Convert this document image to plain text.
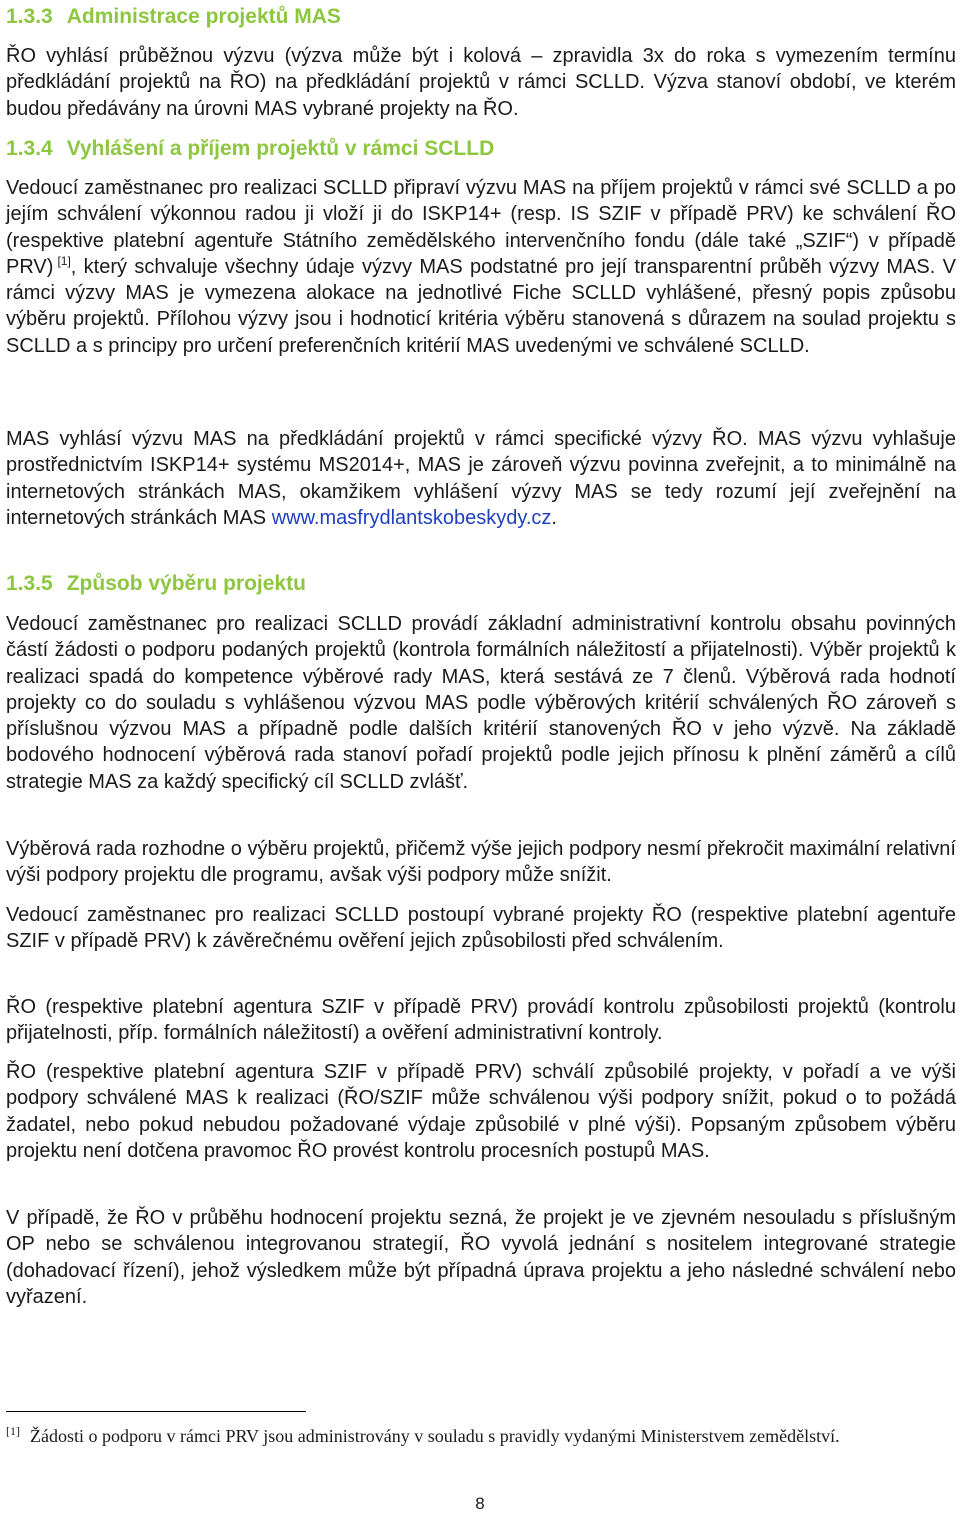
1.3.3 Administrace projektů MAS

ŘO vyhlásí průběžnou výzvu (výzva může být i kolová – zpravidla 3x do roka s vymezením termínu předkládání projektů na ŘO) na předkládání projektů v rámci SCLLD. Výzva stanoví období, ve kterém budou předávány na úrovni MAS vybrané projekty na ŘO.

1.3.4 Vyhlášení a příjem projektů v rámci SCLLD

Vedoucí zaměstnanec pro realizaci SCLLD připraví výzvu MAS na příjem projektů v rámci své SCLLD a po jejím schválení výkonnou radou ji vloží ji do ISKP14+ (resp. IS SZIF v případě PRV) ke schválení ŘO (respektive platební agentuře Státního zemědělského intervenčního fondu (dále také „SZIF“) v případě PRV)  [1], který schvaluje všechny údaje výzvy MAS podstatné pro její transparentní průběh výzvy MAS. V rámci výzvy MAS je vymezena alokace na jednotlivé Fiche SCLLD vyhlášené, přesný popis způsobu výběru projektů. Přílohou výzvy jsou i hodnoticí kritéria výběru stanovená s důrazem na soulad projektu s SCLLD a s principy pro určení preferenčních kritérií MAS uvedenými ve schválené SCLLD.

MAS vyhlásí výzvu MAS na předkládání projektů v rámci specifické výzvy ŘO. MAS výzvu vyhlašuje prostřednictvím ISKP14+ systému MS2014+, MAS je zároveň výzvu povinna zveřejnit, a to minimálně na internetových stránkách MAS, okamžikem vyhlášení výzvy MAS se tedy rozumí její zveřejnění na internetových stránkách MAS www.masfrydlantskobeskydy.cz.

1.3.5 Způsob výběru projektu

Vedoucí zaměstnanec pro realizaci SCLLD provádí základní administrativní kontrolu obsahu povinných částí žádosti o podporu podaných projektů (kontrola formálních náležitostí a přijatelnosti). Výběr projektů k realizaci spadá do kompetence výběrové rady MAS, která sestává ze 7 členů. Výběrová rada hodnotí projekty co do souladu s vyhlášenou výzvou MAS podle výběrových kritérií schválených ŘO zároveň s příslušnou výzvou MAS a případně podle dalších kritérií stanovených ŘO v jeho výzvě. Na základě bodového hodnocení výběrová rada stanoví pořadí projektů podle jejich přínosu k plnění záměrů a cílů strategie MAS za každý specifický cíl SCLLD zvlášť.

Výběrová rada rozhodne o výběru projektů, přičemž výše jejich podpory nesmí překročit maximální relativní výši podpory projektu dle programu, avšak výši podpory může snížit.

Vedoucí zaměstnanec pro realizaci SCLLD postoupí vybrané projekty ŘO (respektive platební agentuře SZIF v případě PRV) k závěrečnému ověření jejich způsobilosti před schválením.

ŘO (respektive platební agentura SZIF v případě PRV) provádí kontrolu způsobilosti projektů (kontrolu přijatelnosti, příp. formálních náležitostí) a ověření administrativní kontroly.

ŘO (respektive platební agentura SZIF v případě PRV) schválí způsobilé projekty, v pořadí a ve výši podpory schválené MAS k realizaci (ŘO/SZIF může schválenou výši podpory snížit, pokud o to požádá žadatel, nebo pokud nebudou požadované výdaje způsobilé v plné výši). Popsaným způsobem výběru projektu není dotčena pravomoc ŘO provést kontrolu procesních postupů MAS.

V případě, že ŘO v průběhu hodnocení projektu sezná, že projekt je ve zjevném nesouladu s příslušným OP nebo se schválenou integrovanou strategií, ŘO vyvolá jednání s nositelem integrované strategie (dohadovací řízení), jehož výsledkem může být případná úprava projektu a jeho následné schválení nebo vyřazení.

[1] Žádosti o podporu v rámci PRV jsou administrovány v souladu s pravidly vydanými Ministerstvem zemědělství.

8
